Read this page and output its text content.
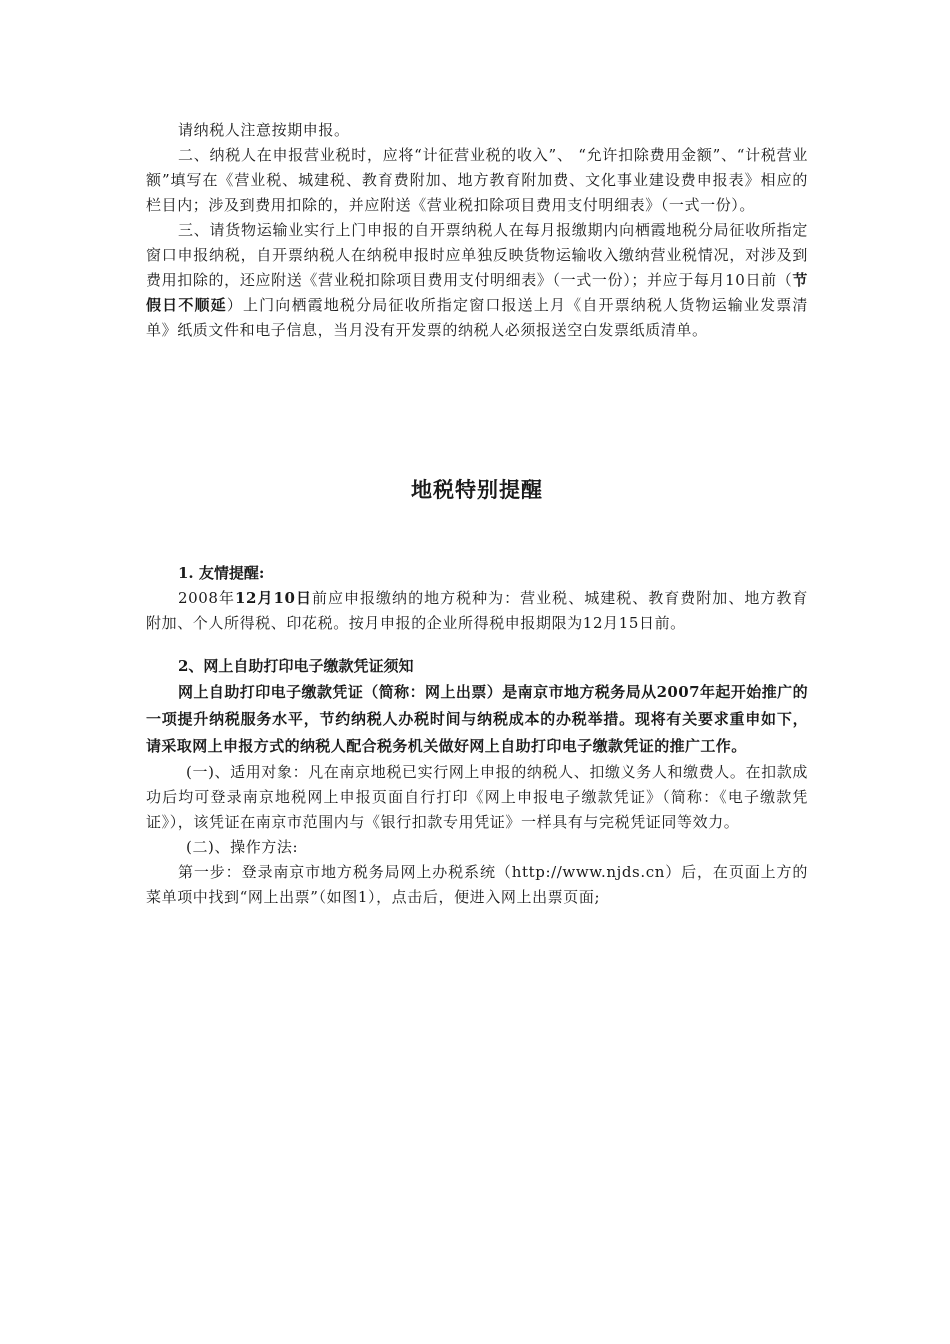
请纳税人注意按期申报。

二、纳税人在申报营业税时，应将“计征营业税的收入”、 “允许扣除费用金额”、“计税营业额”填写在《营业税、城建税、教育费附加、地方教育附加费、文化事业建设费申报表》相应的栏目内；涉及到费用扣除的，并应附送《营业税扣除项目费用支付明细表》（一式一份）。

三、请货物运输业实行上门申报的自开票纳税人在每月报缴期内向栖霞地税分局征收所指定窗口申报纳税，自开票纳税人在纳税申报时应单独反映货物运输收入缴纳营业税情况，对涉及到费用扣除的，还应附送《营业税扣除项目费用支付明细表》（一式一份）；并应于每月10日前（节假日不顺延）上门向栖霞地税分局征收所指定窗口报送上月《自开票纳税人货物运输业发票清单》纸质文件和电子信息，当月没有开发票的纳税人必须报送空白发票纸质清单。

地税特别提醒

1. 友情提醒:

2008年12月10日前应申报缴纳的地方税种为：营业税、城建税、教育费附加、地方教育附加、个人所得税、印花税。按月申报的企业所得税申报期限为12月15日前。

2、网上自助打印电子缴款凭证须知

网上自助打印电子缴款凭证（简称：网上出票）是南京市地方税务局从2007年起开始推广的一项提升纳税服务水平，节约纳税人办税时间与纳税成本的办税举措。现将有关要求重申如下，请采取网上申报方式的纳税人配合税务机关做好网上自助打印电子缴款凭证的推广工作。

(一)、适用对象：凡在南京地税已实行网上申报的纳税人、扣缴义务人和缴费人。在扣款成功后均可登录南京地税网上申报页面自行打印《网上申报电子缴款凭证》（简称：《电子缴款凭证》），该凭证在南京市范围内与《银行扣款专用凭证》一样具有与完税凭证同等效力。

(二)、操作方法:

第一步：登录南京市地方税务局网上办税系统（http://www.njds.cn）后，在页面上方的菜单项中找到“网上出票”（如图1），点击后，便进入网上出票页面;
